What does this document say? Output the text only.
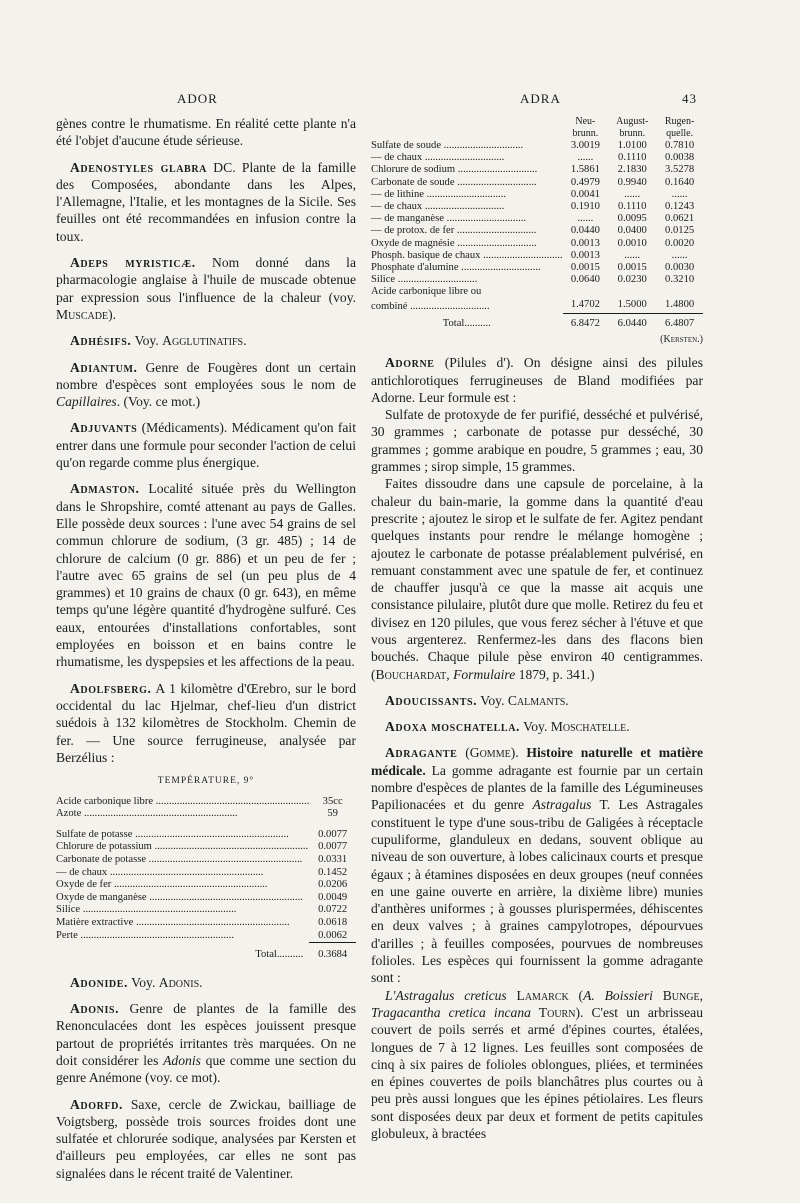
ADOR	ADRA	43

gènes contre le rhumatisme. En réalité cette plante n'a été l'objet d'aucune étude sérieuse.

Adenostyles glabra DC. Plante de la famille des Composées, abondante dans les Alpes, l'Allemagne, l'Italie, et les montagnes de la Sicile. Ses feuilles ont été recommandées en infusion contre la toux.

Adeps myristicæ. Nom donné dans la pharmacologie anglaise à l'huile de muscade obtenue par expression sous l'influence de la chaleur (voy. Muscade).

Adhésifs. Voy. Agglutinatifs.

Adiantum. Genre de Fougères dont un certain nombre d'espèces sont employées sous le nom de Capillaires. (Voy. ce mot.)

Adjuvants (Médicaments). Médicament qu'on fait entrer dans une formule pour seconder l'action de celui qu'on regarde comme plus énergique.

Admaston. Localité située près du Wellington dans le Shropshire, comté attenant au pays de Galles. Elle possède deux sources : l'une avec 54 grains de sel commun chlorure de sodium, (3 gr. 485) ; 14 de chlorure de calcium (0 gr. 886) et un peu de fer ; l'autre avec 65 grains de sel (un peu plus de 4 grammes) et 10 grains de chaux (0 gr. 643), en même temps qu'une légère quantité d'hydrogène sulfuré. Ces eaux, entourées d'installations confortables, sont employées en boisson et en bains contre le rhumatisme, les dyspepsies et les affections de la peau.

Adolfsberg. A 1 kilomètre d'Œrebro, sur le bord occidental du lac Hjelmar, chef-lieu d'un district suédois à 132 kilomètres de Stockholm. Chemin de fer. — Une source ferrugineuse, analysée par Berzélius :

TEMPÉRATURE, 9°
Acide carbonique libre ..........................................................	35cc
Azote ..........................................................	59

Sulfate de potasse ..........................................................	0.0077
Chlorure de potassium ..........................................................	0.0077
Carbonate de potasse ..........................................................	0.0331
— de chaux ..........................................................	0.1452
Oxyde de fer ..........................................................	0.0206
Oxyde de manganèse ..........................................................	0.0049
Silice ..........................................................	0.0722
Matière extractive ..........................................................	0.0618
Perte ..........................................................	0.0062
Total..........	0.3684

Adonide. Voy. Adonis.

Adonis. Genre de plantes de la famille des Renonculacées dont les espèces jouissent presque partout de propriétés irritantes très marquées. On ne doit considérer les Adonis que comme une section du genre Anémone (voy. ce mot).

Adorfd. Saxe, cercle de Zwickau, bailliage de Voigtsberg, possède trois sources froides dont une sulfatée et chlorurée sodique, analysées par Kersten et d'ailleurs peu employées, car elles ne sont pas signalées dans le récent traité de Valentiner.

	Neu-brunn.	August-brunn.	Rugen-quelle.
Sulfate de soude ..............................	3.0019	1.0100	0.7810
— de chaux ..............................	......	0.1110	0.0038
Chlorure de sodium ..............................	1.5861	2.1830	3.5278
Carbonate de soude ..............................	0.4979	0.9940	0.1640
— de lithine ..............................	0.0041	......	......
— de chaux ..............................	0.1910	0.1110	0.1243
— de manganèse ..............................	......	0.0095	0.0621
— de protox. de fer ..............................	0.0440	0.0400	0.0125
Oxyde de magnésie ..............................	0.0013	0.0010	0.0020
Phosph. basique de chaux ..............................	0.0013	......	......
Phosphate d'alumine ..............................	0.0015	0.0015	0.0030
Silice ..............................	0.0640	0.0230	0.3210
Acide carbonique libre ou			
combiné ..............................	1.4702	1.5000	1.4800
Total..........	6.8472	6.0440	6.4807
(Kersten.)

Adorne (Pilules d'). On désigne ainsi des pilules antichlorotiques ferrugineuses de Bland modifiées par Adorne. Leur formule est :

Sulfate de protoxyde de fer purifié, desséché et pulvérisé, 30 grammes ; carbonate de potasse pur desséché, 30 grammes ; gomme arabique en poudre, 5 grammes ; eau, 30 grammes ; sirop simple, 15 grammes.

Faites dissoudre dans une capsule de porcelaine, à la chaleur du bain-marie, la gomme dans la quantité d'eau prescrite ; ajoutez le sirop et le sulfate de fer. Agitez pendant quelques instants pour rendre le mélange homogène ; ajoutez le carbonate de potasse préalablement pulvérisé, en remuant constamment avec une spatule de fer, et continuez de chauffer jusqu'à ce que la masse ait acquis une consistance pilulaire, plutôt dure que molle. Retirez du feu et divisez en 120 pilules, que vous ferez sécher à l'étuve et que vous argenterez. Renfermez-les dans des flacons bien bouchés. Chaque pilule pèse environ 40 centigrammes. (Bouchardat, Formulaire 1879, p. 341.)

Adoucissants. Voy. Calmants.

Adoxa moschatella. Voy. Moschatelle.

Adragante (Gomme). Histoire naturelle et matière médicale. La gomme adragante est fournie par un certain nombre d'espèces de plantes de la famille des Légumineuses Papilionacées et du genre Astragalus T. Les Astragales constituent le type d'une sous-tribu de Galigées à réceptacle cupuliforme, glanduleux en dedans, souvent oblique au niveau de son ouverture, à lobes calicinaux courts et presque égaux ; à étamines disposées en deux groupes (neuf connées en une gaine ouverte en arrière, la dixième libre) munies d'anthères uniformes ; à gousses plurispermées, déhiscentes en deux valves ; à graines campylotropes, dépourvues d'arilles ; à feuilles composées, pourvues de nombreuses folioles. Les espèces qui fournissent la gomme adragante sont :

L'Astragalus creticus Lamarck (A. Boissieri Bunge, Tragacantha cretica incana Tourn). C'est un arbrisseau couvert de poils serrés et armé d'épines courtes, étalées, longues de 7 à 12 lignes. Les feuilles sont composées de cinq à six paires de folioles oblongues, pliées, et terminées en épines couvertes de poils blanchâtres plus courtes ou à peu près aussi longues que les épines pétiolaires. Les fleurs sont disposées deux par deux et forment de petits capitules globuleux, à bractées
